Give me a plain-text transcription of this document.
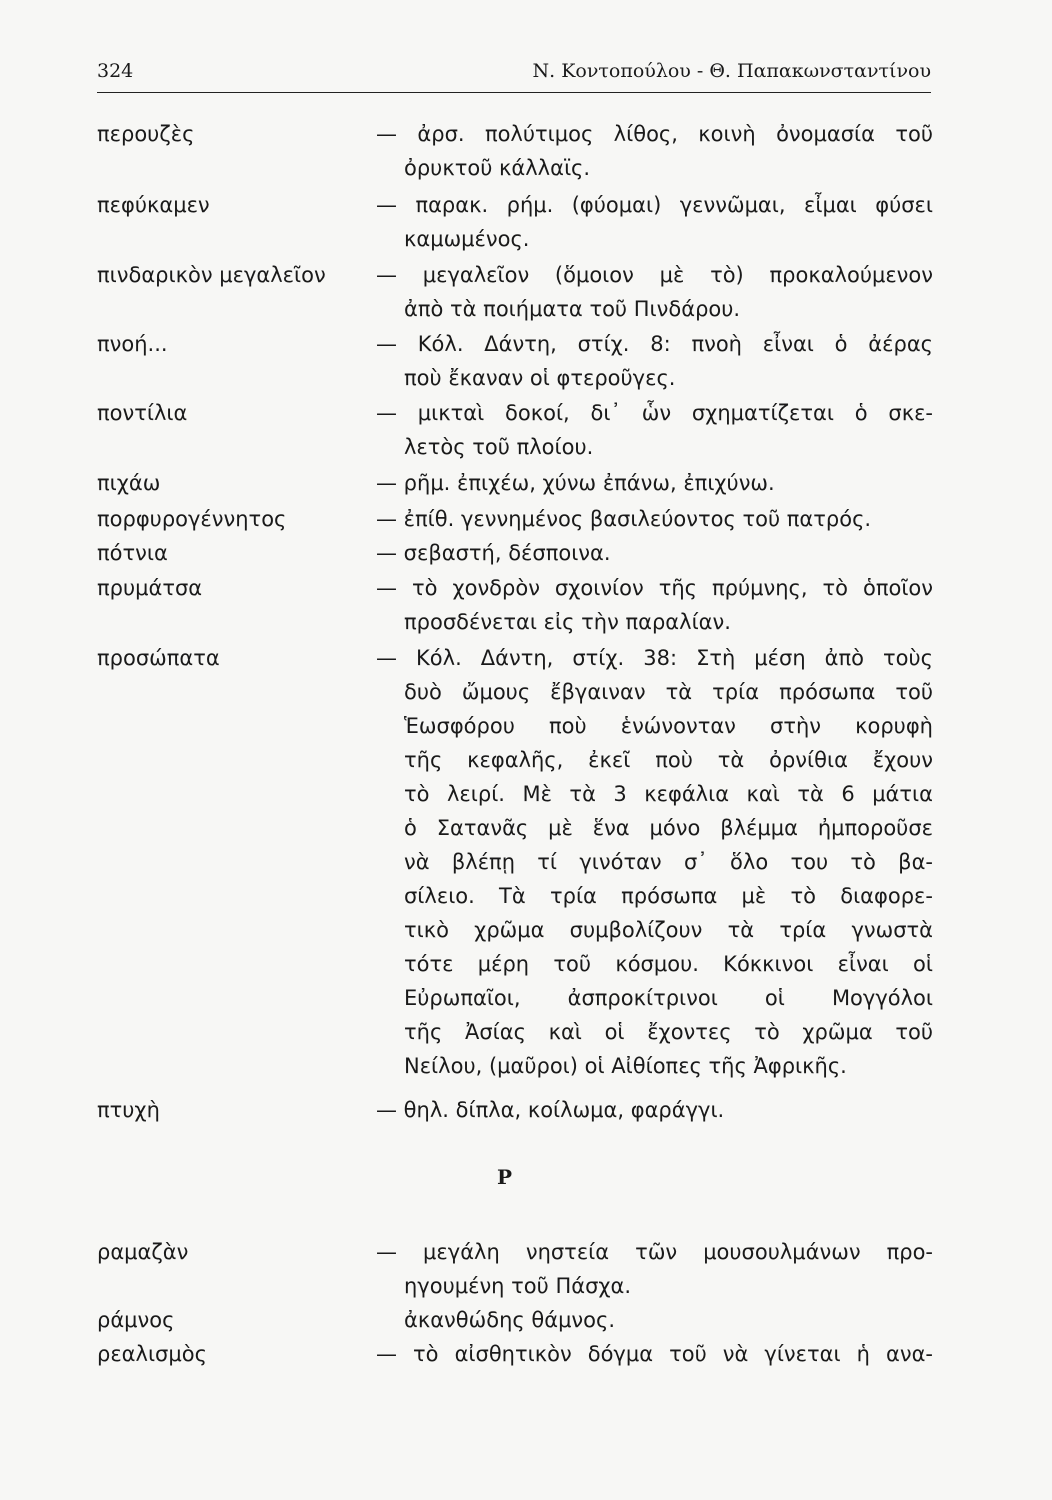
324	Ν. Κοντοπούλου - Θ. Παπακωνσταντίνου
περουζὲς	— ἀρσ. πολύτιμος λίθος, κοινὴ ὀνομασία τοῦ
ὀρυκτοῦ κάλλαϊς.
πεφύκαμεν	— παρακ. ρήμ. (φύομαι) γεννῶμαι, εἶμαι φύσει
καμωμένος.
πινδαρικὸν μεγαλεῖον — μεγαλεῖον (ὅμοιον μὲ τὸ) προκαλούμενον
ἀπὸ τὰ ποιήματα τοῦ Πινδάρου.
πνοή...	— Κόλ. Δάντη, στίχ. 8: πνοὴ εἶναι ὁ ἀέρας
ποὺ ἔκαναν οἱ φτεροῦγες.
ποντίλια	— μικταὶ δοκοί, δι᾽ ὧν σχηματίζεται ὁ σκε-
λετὸς τοῦ πλοίου.
πιχάω	— ρῆμ. ἐπιχέω, χύνω ἐπάνω, ἐπιχύνω.
πορφυρογέννητος	— ἐπίθ. γεννημένος βασιλεύοντος τοῦ πατρός.
πότνια	— σεβαστή, δέσποινα.
πρυμάτσα	— τὸ χονδρὸν σχοινίον τῆς πρύμνης, τὸ ὁποῖον
προσδένεται εἰς τὴν παραλίαν.
προσώπατα	— Κόλ. Δάντη, στίχ. 38: Στὴ μέση ἀπὸ τοὺς
δυὸ ὤμους ἔβγαιναν τὰ τρία πρόσωπα τοῦ
Ἑωσφόρου ποὺ ἑνώνονταν στὴν κορυφὴ
τῆς κεφαλῆς, ἐκεῖ ποὺ τὰ ὀρνίθια ἔχουν
τὸ λειρί. Μὲ τὰ 3 κεφάλια καὶ τὰ 6 μάτια
ὁ Σατανᾶς μὲ ἕνα μόνο βλέμμα ἠμποροῦσε
νὰ βλέπῃ τί γινόταν σ᾽ ὅλο του τὸ βα-
σίλειο. Τὰ τρία πρόσωπα μὲ τὸ διαφορε-
τικὸ χρῶμα συμβολίζουν τὰ τρία γνωστὰ
τότε μέρη τοῦ κόσμου. Κόκκινοι εἶναι οἱ
Εὐρωπαῖοι, ἀσπροκίτρινοι οἱ Μογγόλοι
τῆς Ἀσίας καὶ οἱ ἔχοντες τὸ χρῶμα τοῦ
Νείλου, (μαῦροι) οἱ Αἰθίοπες τῆς Ἀφρικῆς.
πτυχὴ	— θηλ. δίπλα, κοίλωμα, φαράγγι.
ραμαζὰν	— μεγάλη νηστεία τῶν μουσουλμάνων προ-
ηγουμένη τοῦ Πάσχα.
ράμνος	ἀκανθώδης θάμνος.
ρεαλισμὸς	— τὸ αἰσθητικὸν δόγμα τοῦ νὰ γίνεται ἡ ανα-
Ρ
